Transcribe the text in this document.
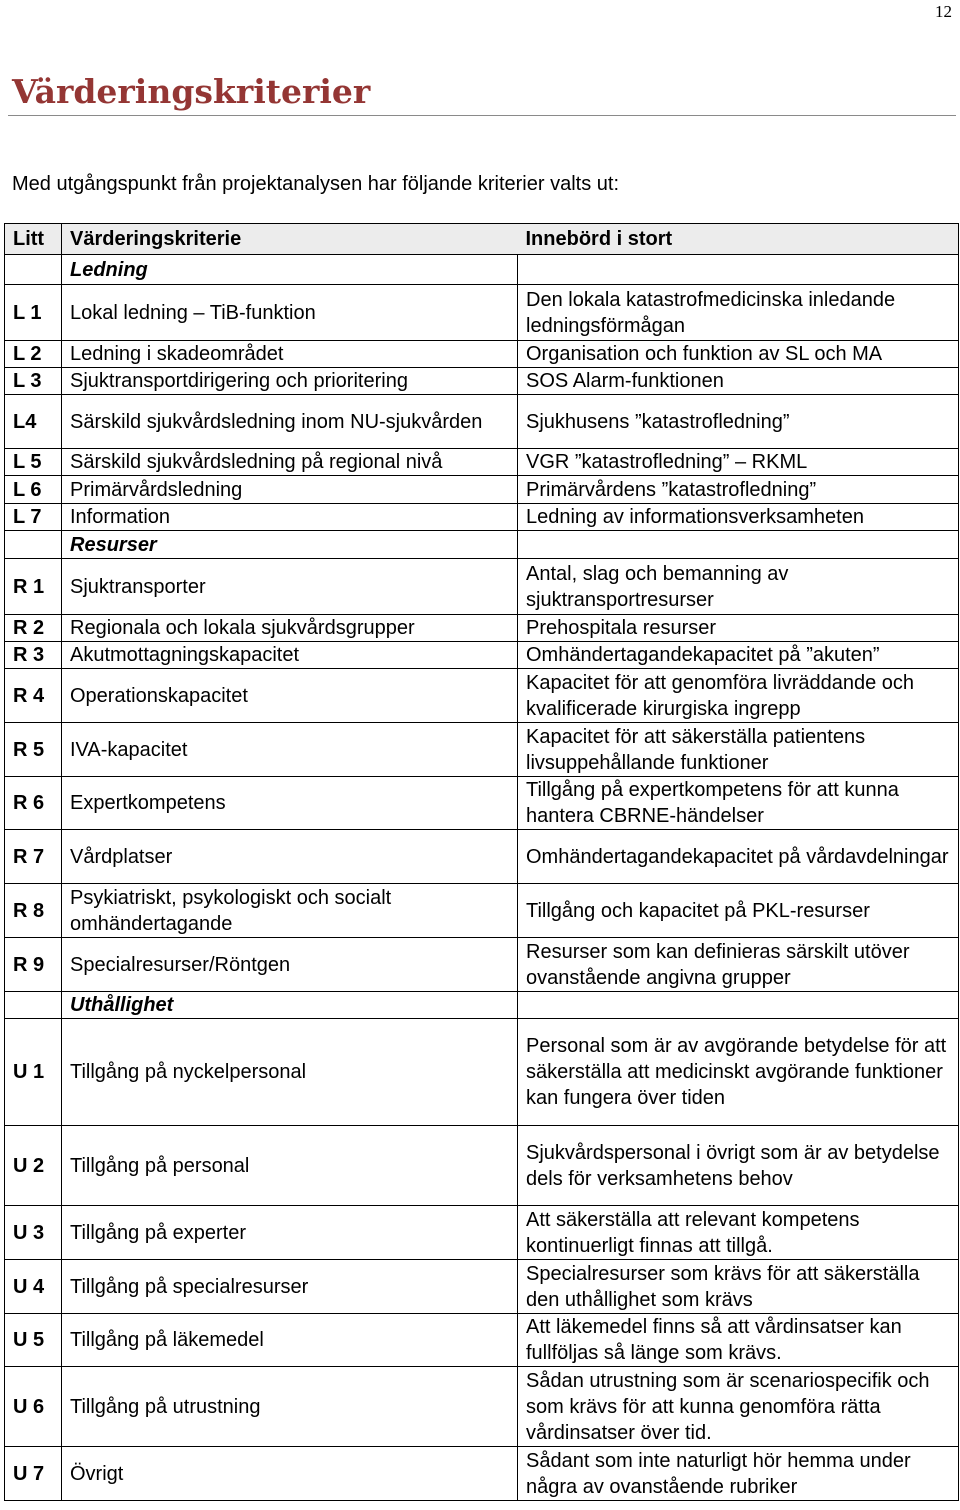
12
Värderingskriterier

Med utgångspunkt från projektanalysen har följande kriterier valts ut:

Litt	Värderingskriterie	Innebörd i stort
	Ledning	
L 1	Lokal ledning – TiB-funktion	Den lokala katastrofmedicinska inledande ledningsförmågan
L 2	Ledning i skadeområdet	Organisation och funktion av SL och MA
L 3	Sjuktransportdirigering och prioritering	SOS Alarm-funktionen
L4	Särskild sjukvårdsledning inom NU-sjukvården	Sjukhusens ”katastrofledning”
L 5	Särskild sjukvårdsledning på regional nivå	VGR ”katastrofledning” – RKML
L 6	Primärvårdsledning	Primärvårdens ”katastrofledning”
L 7	Information	Ledning av informationsverksamheten
	Resurser	
R 1	Sjuktransporter	Antal, slag och bemanning av sjuktransportresurser
R 2	Regionala och lokala sjukvårdsgrupper	Prehospitala resurser
R 3	Akutmottagningskapacitet	Omhändertagandekapacitet på ”akuten”
R 4	Operationskapacitet	Kapacitet för att genomföra livräddande och kvalificerade kirurgiska ingrepp
R 5	IVA-kapacitet	Kapacitet för att säkerställa patientens livsuppehållande funktioner
R 6	Expertkompetens	Tillgång på expertkompetens för att kunna hantera CBRNE-händelser
R 7	Vårdplatser	Omhändertagandekapacitet på vårdavdelningar
R 8	Psykiatriskt, psykologiskt och socialt omhändertagande	Tillgång och kapacitet på PKL-resurser
R 9	Specialresurser/Röntgen	Resurser som kan definieras särskilt utöver ovanstående angivna grupper
	Uthållighet	
U 1	Tillgång på nyckelpersonal	Personal som är av avgörande betydelse för att säkerställa att medicinskt avgörande funktioner kan fungera över tiden
U 2	Tillgång på personal	Sjukvårdspersonal i övrigt som är av betydelse dels för verksamhetens behov
U 3	Tillgång på experter	Att säkerställa att relevant kompetens kontinuerligt finnas att tillgå.
U 4	Tillgång på specialresurser	Specialresurser som krävs för att säkerställa den uthållighet som krävs
U 5	Tillgång på läkemedel	Att läkemedel finns så att vårdinsatser kan fullföljas så länge som krävs.
U 6	Tillgång på utrustning	Sådan utrustning som är scenariospecifik och som krävs för att kunna genomföra rätta vårdinsatser över tid.
U 7	Övrigt	Sådant som inte naturligt hör hemma under några av ovanstående rubriker
